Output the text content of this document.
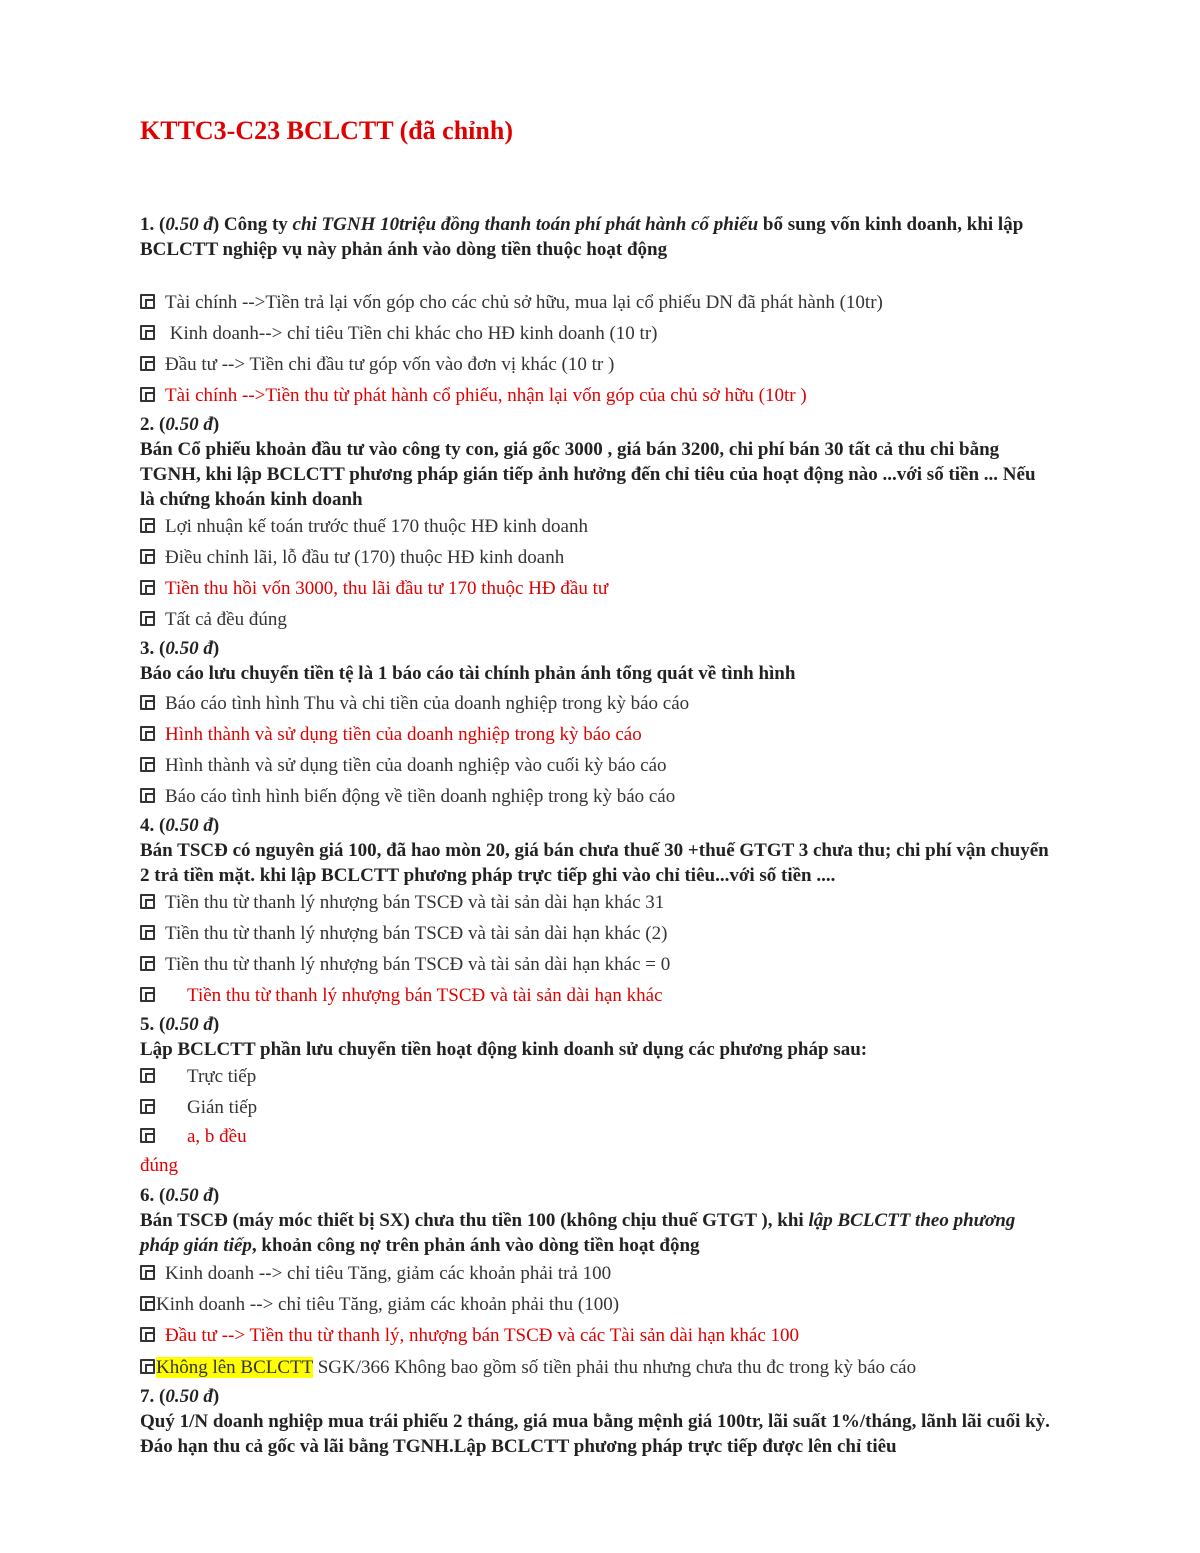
KTTC3-C23 BCLCTT (đã chỉnh)
1. (0.50 đ) Công ty chi TGNH 10triệu đồng thanh toán phí phát hành cổ phiếu bổ sung vốn kinh doanh, khi lập
BCLCTT nghiệp vụ này phản ánh vào dòng tiền thuộc hoạt động
Tài chính -->Tiền trả lại vốn góp cho các chủ sở hữu, mua lại cổ phiếu DN đã phát hành (10tr)
Kinh doanh--> chỉ tiêu Tiền chi khác cho HĐ kinh doanh (10 tr)
Đầu tư --> Tiền chi đầu tư góp vốn vào đơn vị khác (10 tr )
Tài chính -->Tiền thu từ phát hành cổ phiếu, nhận lại vốn góp của chủ sở hữu (10tr )
2. (0.50 đ)
Bán Cổ phiếu khoản đầu tư vào công ty con, giá gốc 3000 , giá bán 3200, chi phí bán 30 tất cả thu chi bằng TGNH, khi lập BCLCTT phương pháp gián tiếp ảnh hưởng đến chỉ tiêu của hoạt động nào ...với số tiền ... Nếu là chứng khoán kinh doanh
Lợi nhuận kế toán trước thuế 170 thuộc HĐ kinh doanh
Điều chỉnh lãi, lỗ đầu tư (170) thuộc HĐ kinh doanh
Tiền thu hồi vốn 3000, thu lãi đầu tư 170 thuộc HĐ đầu tư
Tất cả đều đúng
3. (0.50 đ)
Báo cáo lưu chuyển tiền tệ là 1 báo cáo tài chính phản ánh tổng quát về tình hình
Báo cáo tình hình Thu và chi tiền của doanh nghiệp trong kỳ báo cáo
Hình thành và sử dụng tiền của doanh nghiệp trong kỳ báo cáo
Hình thành và sử dụng tiền của doanh nghiệp vào cuối kỳ báo cáo
Báo cáo tình hình biến động về tiền doanh nghiệp trong kỳ báo cáo
4. (0.50 đ)
Bán TSCĐ có nguyên giá 100, đã hao mòn 20, giá bán chưa thuế 30 +thuế GTGT 3 chưa thu; chi phí vận chuyển 2 trả tiền mặt. khi lập BCLCTT phương pháp trực tiếp ghi vào chỉ tiêu...với số tiền ....
Tiền thu từ thanh lý nhượng bán TSCĐ và tài sản dài hạn khác 31
Tiền thu từ thanh lý nhượng bán TSCĐ và tài sản dài hạn khác (2)
Tiền thu từ thanh lý nhượng bán TSCĐ và tài sản dài hạn khác = 0
Tiền thu từ thanh lý nhượng bán TSCĐ và tài sản dài hạn khác
5. (0.50 đ)
Lập BCLCTT phần lưu chuyển tiền hoạt động kinh doanh sử dụng các phương pháp sau:
Trực tiếp
Gián tiếp
a, b đều
đúng
6. (0.50 đ)
Bán TSCĐ (máy móc thiết bị SX) chưa thu tiền 100 (không chịu thuế GTGT ), khi lập BCLCTT theo phương pháp gián tiếp, khoản công nợ trên phản ánh vào dòng tiền hoạt động
Kinh doanh --> chỉ tiêu Tăng, giảm các khoản phải trả 100
Kinh doanh --> chỉ tiêu Tăng, giảm các khoản phải thu (100)
Đầu tư --> Tiền thu từ thanh lý, nhượng bán TSCĐ và các Tài sản dài hạn khác 100
Không lên BCLCTT SGK/366 Không bao gồm số tiền phải thu nhưng chưa thu đc trong kỳ báo cáo
7. (0.50 đ)
Quý 1/N doanh nghiệp mua trái phiếu 2 tháng, giá mua bằng mệnh giá 100tr, lãi suất 1%/tháng, lãnh lãi cuối kỳ. Đáo hạn thu cả gốc và lãi bằng TGNH.Lập BCLCTT phương pháp trực tiếp được lên chỉ tiêu
